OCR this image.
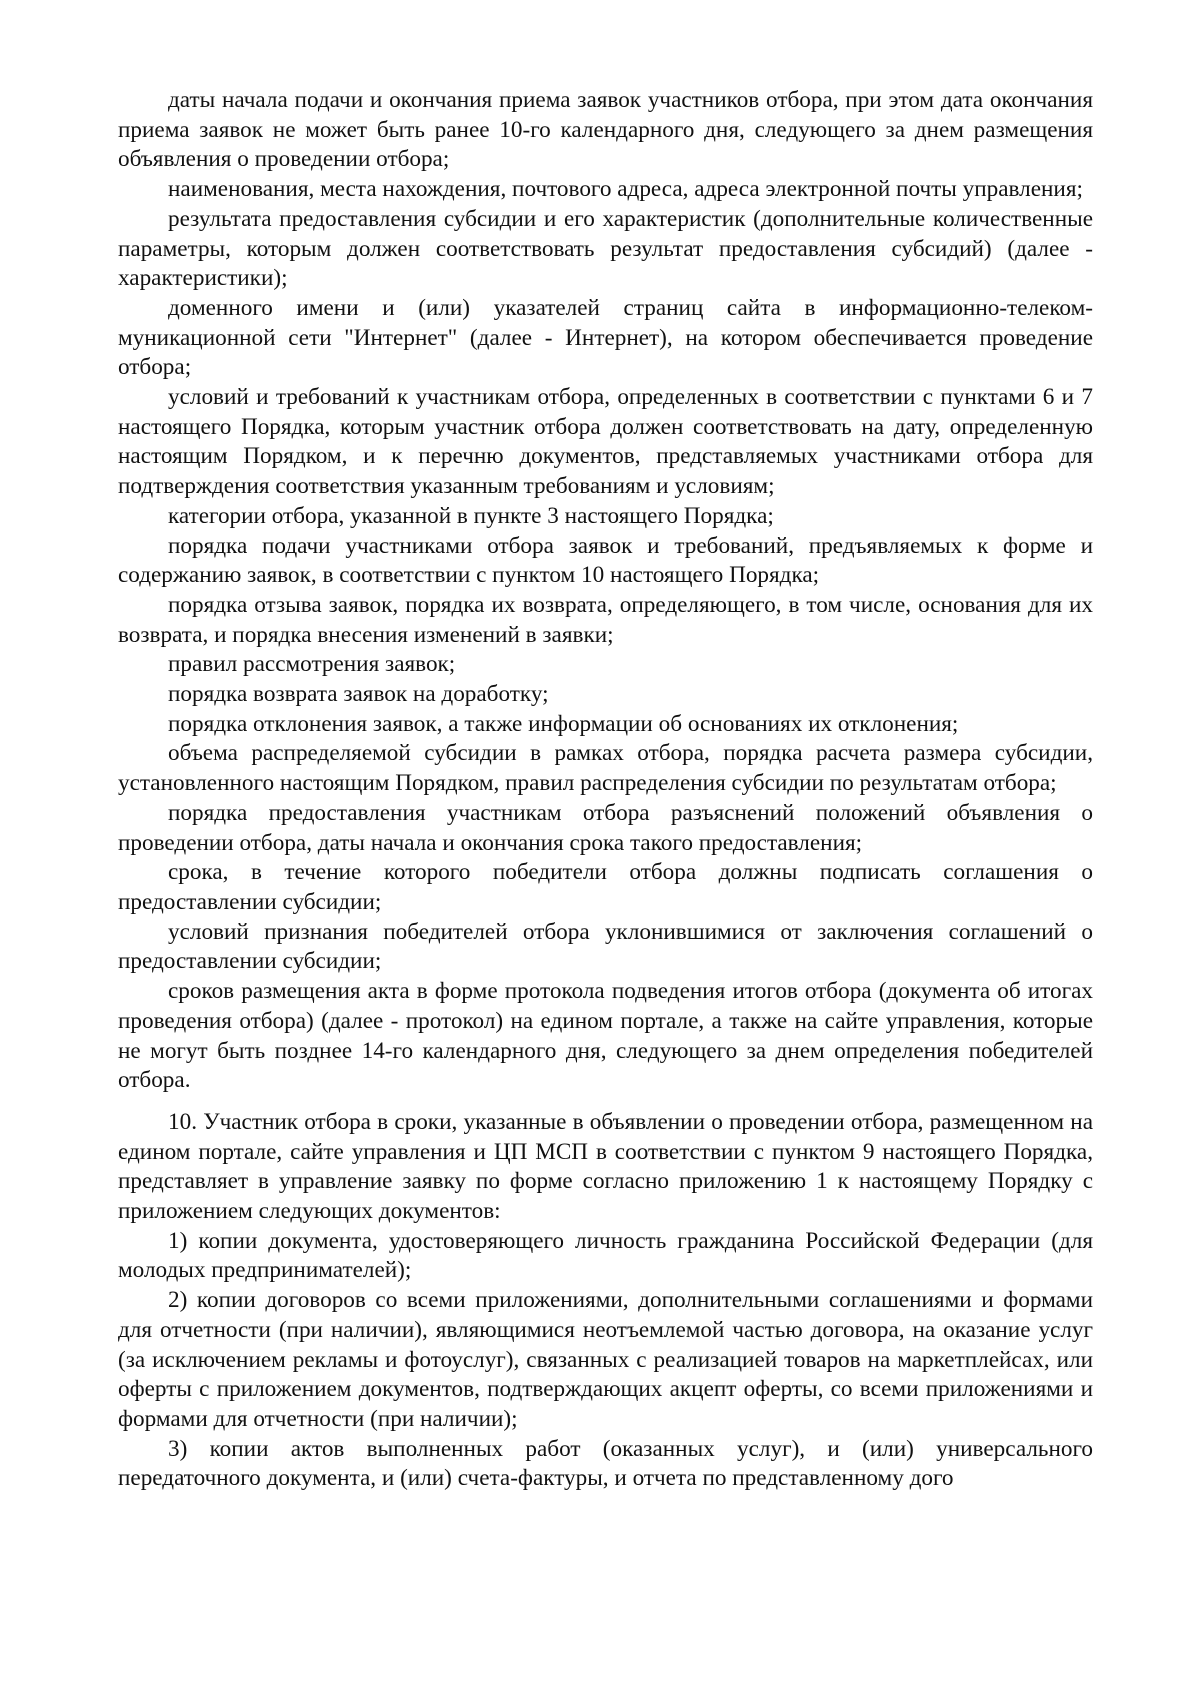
даты начала подачи и окончания приема заявок участников отбора, при этом дата окончания приема заявок не может быть ранее 10-го календарного дня, следующего за днем размещения объявления о проведении отбора;

наименования, места нахождения, почтового адреса, адреса электронной почты управления;

результата предоставления субсидии и его характеристик (дополнительные количественные параметры, которым должен соответствовать результат предоставления субсидий) (далее - характеристики);

доменного имени и (или) указателей страниц сайта в информационно-телекоммуникационной сети "Интернет" (далее - Интернет), на котором обеспечивается проведение отбора;

условий и требований к участникам отбора, определенных в соответствии с пунктами 6 и 7 настоящего Порядка, которым участник отбора должен соответствовать на дату, определенную настоящим Порядком, и к перечню документов, представляемых участниками отбора для подтверждения соответствия указанным требованиям и условиям;

категории отбора, указанной в пункте 3 настоящего Порядка;

порядка подачи участниками отбора заявок и требований, предъявляемых к форме и содержанию заявок, в соответствии с пунктом 10 настоящего Порядка;

порядка отзыва заявок, порядка их возврата, определяющего, в том числе, основания для их возврата, и порядка внесения изменений в заявки;

правил рассмотрения заявок;

порядка возврата заявок на доработку;

порядка отклонения заявок, а также информации об основаниях их отклонения;

объема распределяемой субсидии в рамках отбора, порядка расчета размера субсидии, установленного настоящим Порядком, правил распределения субсидии по результатам отбора;

порядка предоставления участникам отбора разъяснений положений объявления о проведении отбора, даты начала и окончания срока такого предоставления;

срока, в течение которого победители отбора должны подписать соглашения о предоставлении субсидии;

условий признания победителей отбора уклонившимися от заключения соглашений о предоставлении субсидии;

сроков размещения акта в форме протокола подведения итогов отбора (документа об итогах проведения отбора) (далее - протокол) на едином портале, а также на сайте управления, которые не могут быть позднее 14-го календарного дня, следующего за днем определения победителей отбора.

10. Участник отбора в сроки, указанные в объявлении о проведении отбора, размещенном на едином портале, сайте управления и ЦП МСП в соответствии с пунктом 9 настоящего Порядка, представляет в управление заявку по форме согласно приложению 1 к настоящему Порядку с приложением следующих документов:

1) копии документа, удостоверяющего личность гражданина Российской Федерации (для молодых предпринимателей);

2) копии договоров со всеми приложениями, дополнительными соглашениями и формами для отчетности (при наличии), являющимися неотъемлемой частью договора, на оказание услуг (за исключением рекламы и фотоуслуг), связанных с реализацией товаров на маркетплейсах, или оферты с приложением документов, подтверждающих акцепт оферты, со всеми приложениями и формами для отчетности (при наличии);

3) копии актов выполненных работ (оказанных услуг), и (или) универсального передаточного документа, и (или) счета-фактуры, и отчета по представленному дого
